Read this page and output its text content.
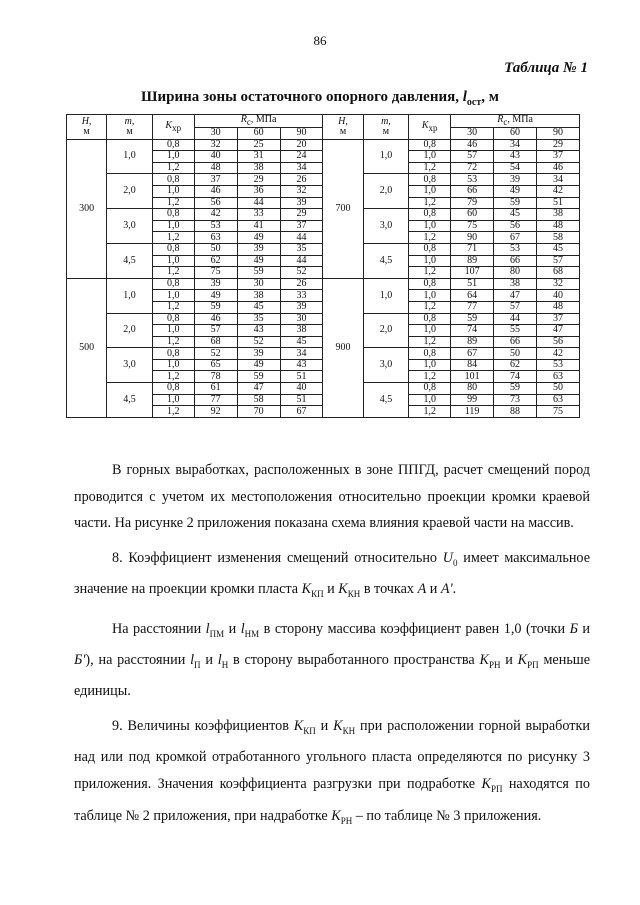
86
Таблица № 1
Ширина зоны остаточного опорного давления, $l_{ост}$, м
H,
м	m,
м	$K_{хр}$	$R_c$, МПа			H,
м	m,
м	$K_{хр}$	$R_c$, МПа		
			30	60	90				30	60	90
300	1,0	0,8	32	25	20	700	1,0	0,8	46	34	29
		1,0	40	31	24			1,0	57	43	37
		1,2	48	38	34			1,2	72	54	46
	2,0	0,8	37	29	26		2,0	0,8	53	39	34
		1,0	46	36	32			1,0	66	49	42
		1,2	56	44	39			1,2	79	59	51
	3,0	0,8	42	33	29		3,0	0,8	60	45	38
		1,0	53	41	37			1,0	75	56	48
		1,2	63	49	44			1,2	90	67	58
	4,5	0,8	50	39	35		4,5	0,8	71	53	45
		1,0	62	49	44			1,0	89	66	57
		1,2	75	59	52			1,2	107	80	68
500	1,0	0,8	39	30	26	900	1,0	0,8	51	38	32
		1,0	49	38	33			1,0	64	47	40
		1,2	59	45	39			1,2	77	57	48
	2,0	0,8	46	35	30		2,0	0,8	59	44	37
		1,0	57	43	38			1,0	74	55	47
		1,2	68	52	45			1,2	89	66	56
	3,0	0,8	52	39	34		3,0	0,8	67	50	42
		1,0	65	49	43			1,0	84	62	53
		1,2	78	59	51			1,2	101	74	63
	4,5	0,8	61	47	40		4,5	0,8	80	59	50
		1,0	77	58	51			1,0	99	73	63
		1,2	92	70	67			1,2	119	88	75

В горных выработках, расположенных в зоне ППГД, расчет смещений пород проводится с учетом их местоположения относительно проекции кромки краевой части. На рисунке 2 приложения показана схема влияния краевой части на массив.

8. Коэффициент изменения смещений относительно $U_0$ имеет максимальное значение на проекции кромки пласта $K_{КП}$ и $K_{КН}$ в точках А и А'.

На расстоянии $l_{ПМ}$ и $l_{НМ}$ в сторону массива коэффициент равен 1,0 (точки Б и Б'), на расстоянии $l_П$ и $l_Н$ в сторону выработанного пространства $K_{РН}$ и $K_{РП}$ меньше единицы.

9. Величины коэффициентов $K_{КП}$ и $K_{КН}$ при расположении горной выработки над или под кромкой отработанного угольного пласта определяются по рисунку 3 приложения. Значения коэффициента разгрузки при подработке $K_{РП}$ находятся по таблице № 2 приложения, при надработке $K_{РН}$ – по таблице № 3 приложения.
